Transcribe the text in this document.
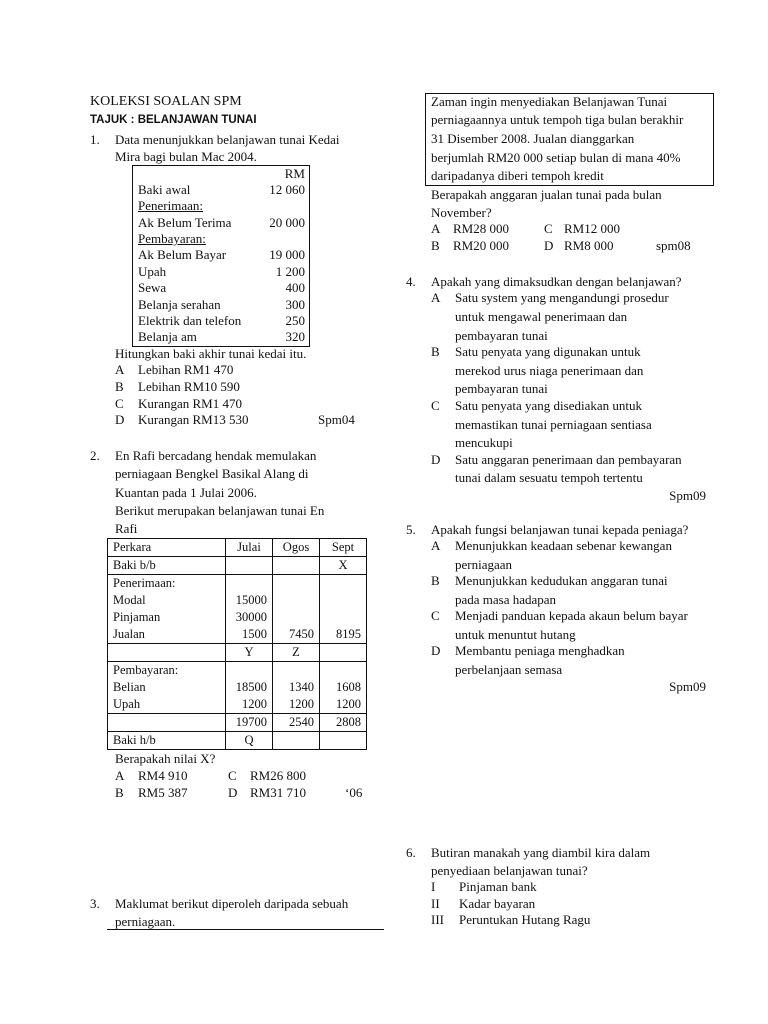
KOLEKSI SOALAN SPM
TAJUK : BELANJAWAN TUNAI
1. Data menunjukkan belanjawan tunai Kedai
Mira bagi bulan Mac 2004.
RM
Baki awal	12 060
Penerimaan:
Ak Belum Terima	20 000
Pembayaran:
Ak Belum Bayar	19 000
Upah	1 200
Sewa	400
Belanja serahan	300
Elektrik dan telefon	250
Belanja am	320
Hitungkan baki akhir tunai kedai itu.
A Lebihan RM1 470
B Lebihan RM10 590
C Kurangan RM1 470
D Kurangan RM13 530	Spm04
2. En Rafi bercadang hendak memulakan
perniagaan Bengkel Basikal Alang di
Kuantan pada 1 Julai 2006.
Berikut merupakan belanjawan tunai En
Rafi
Perkara	Julai	Ogos	Sept
Baki b/b			X
Penerimaan:			
Modal	15000		
Pinjaman	30000		
Jualan	1500	7450	8195
	Y	Z	
Pembayaran:			
Belian	18500	1340	1608
Upah	1200	1200	1200
	19700	2540	2808
Baki h/b	Q		
Berapakah nilai X?
A RM4 910	C RM26 800
B RM5 387	D RM31 710	‘06
3. Maklumat berikut diperoleh daripada sebuah
perniagaan.
Zaman ingin menyediakan Belanjawan Tunai
perniagaannya untuk tempoh tiga bulan berakhir
31 Disember 2008. Jualan dianggarkan
berjumlah RM20 000 setiap bulan di mana 40%
daripadanya diberi tempoh kredit
Berapakah anggaran jualan tunai pada bulan
November?
A RM28 000	C RM12 000
B RM20 000	D RM8 000	spm08
4. Apakah yang dimaksudkan dengan belanjawan?
A Satu system yang mengandungi prosedur
untuk mengawal penerimaan dan
pembayaran tunai
B Satu penyata yang digunakan untuk
merekod urus niaga penerimaan dan
pembayaran tunai
C Satu penyata yang disediakan untuk
memastikan tunai perniagaan sentiasa
mencukupi
D Satu anggaran penerimaan dan pembayaran
tunai dalam sesuatu tempoh tertentu
Spm09
5. Apakah fungsi belanjawan tunai kepada peniaga?
A Menunjukkan keadaan sebenar kewangan
perniagaan
B Menunjukkan kedudukan anggaran tunai
pada masa hadapan
C Menjadi panduan kepada akaun belum bayar
untuk menuntut hutang
D Membantu peniaga menghadkan
perbelanjaan semasa
Spm09
6. Butiran manakah yang diambil kira dalam
penyediaan belanjawan tunai?
I Pinjaman bank
II Kadar bayaran
III Peruntukan Hutang Ragu
